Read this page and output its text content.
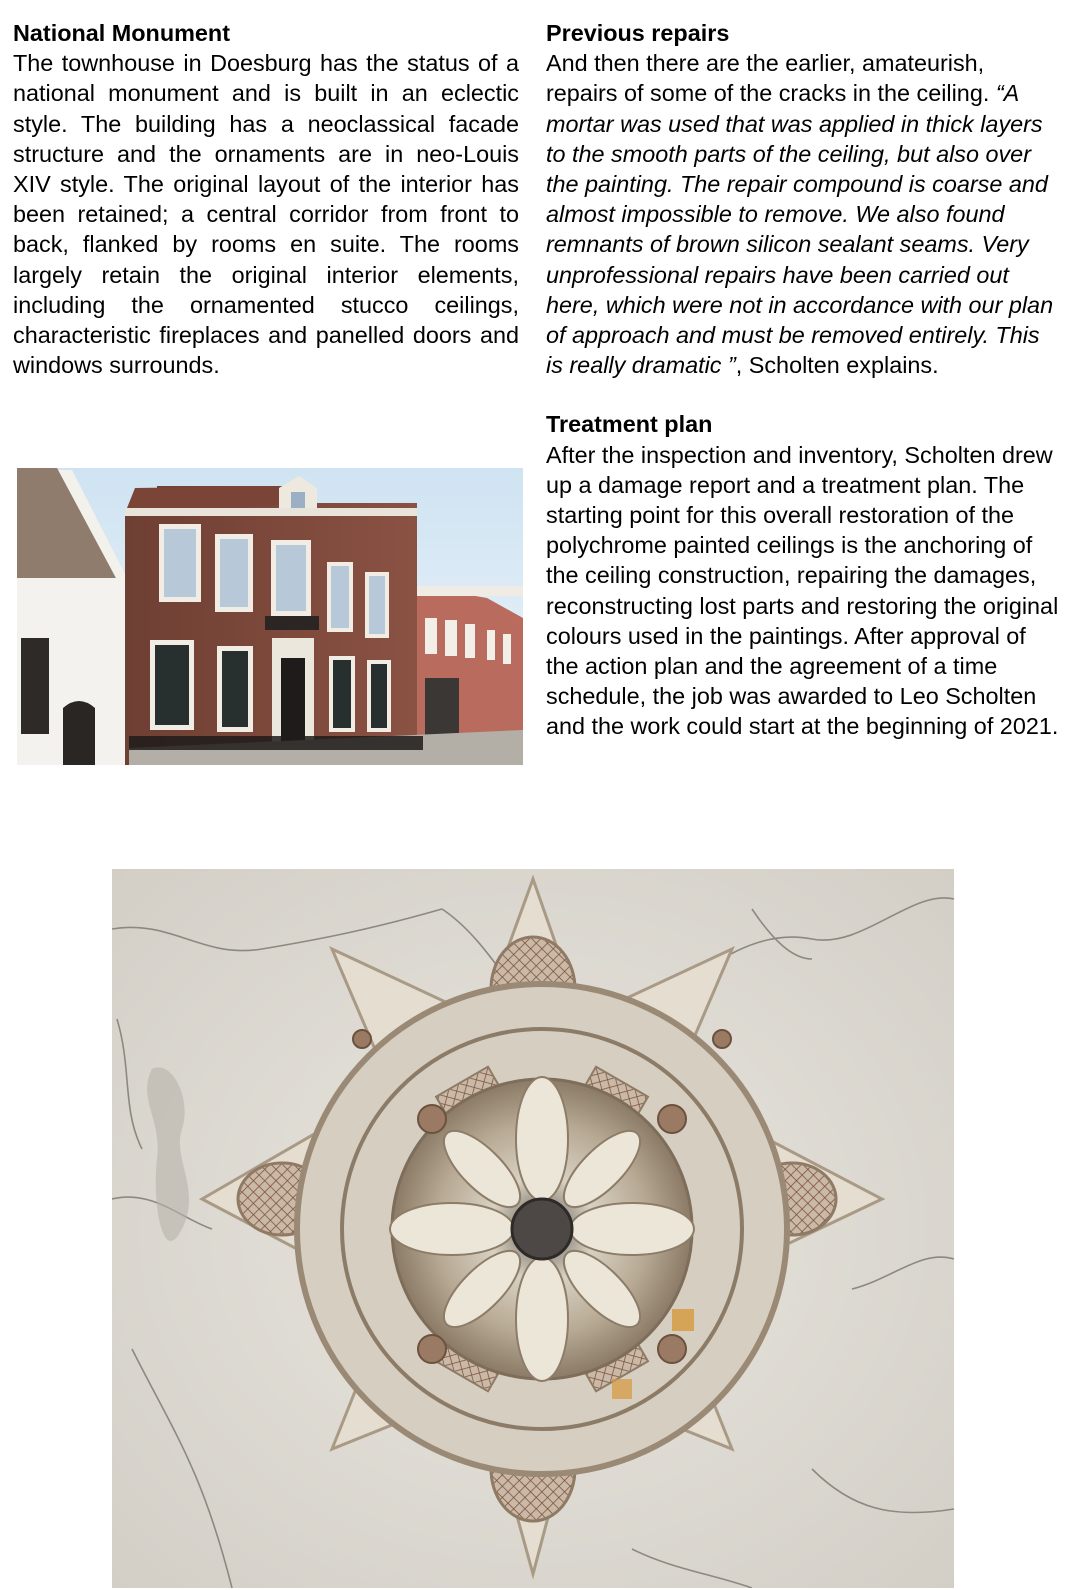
National Monument

The townhouse in Doesburg has the status of a national monument and is built in an eclectic style. The building has a neoclassical facade structure and the ornaments are in neo-Louis XIV style. The original layout of the interior has been retained; a central corridor from front to back, flanked by rooms en suite. The rooms largely retain the original interior elements, including the ornamented stucco ceilings, characteristic fireplaces and panelled doors and windows surrounds.

Previous repairs

And then there are the earlier, amateurish, repairs of some of the cracks in the ceiling. “A mortar was used that was applied in thick layers to the smooth parts of the ceiling, but also over the painting. The repair compound is coarse and almost impossible to remove. We also found remnants of brown silicon sealant seams. Very unprofessional repairs have been carried out here, which were not in accordance with our plan of approach and must be removed entirely. This is really dramatic ”, Scholten explains.

Treatment plan

After the inspection and inventory, Scholten drew up a damage report and a treatment plan. The starting point for this overall restoration of the polychrome painted ceilings is the anchoring of the ceiling construction, repairing the damages, reconstructing lost parts and restoring the original colours used in the paintings. After approval of the action plan and the agreement of a time schedule, the job was awarded to Leo Scholten and the work could start at the beginning of 2021.
